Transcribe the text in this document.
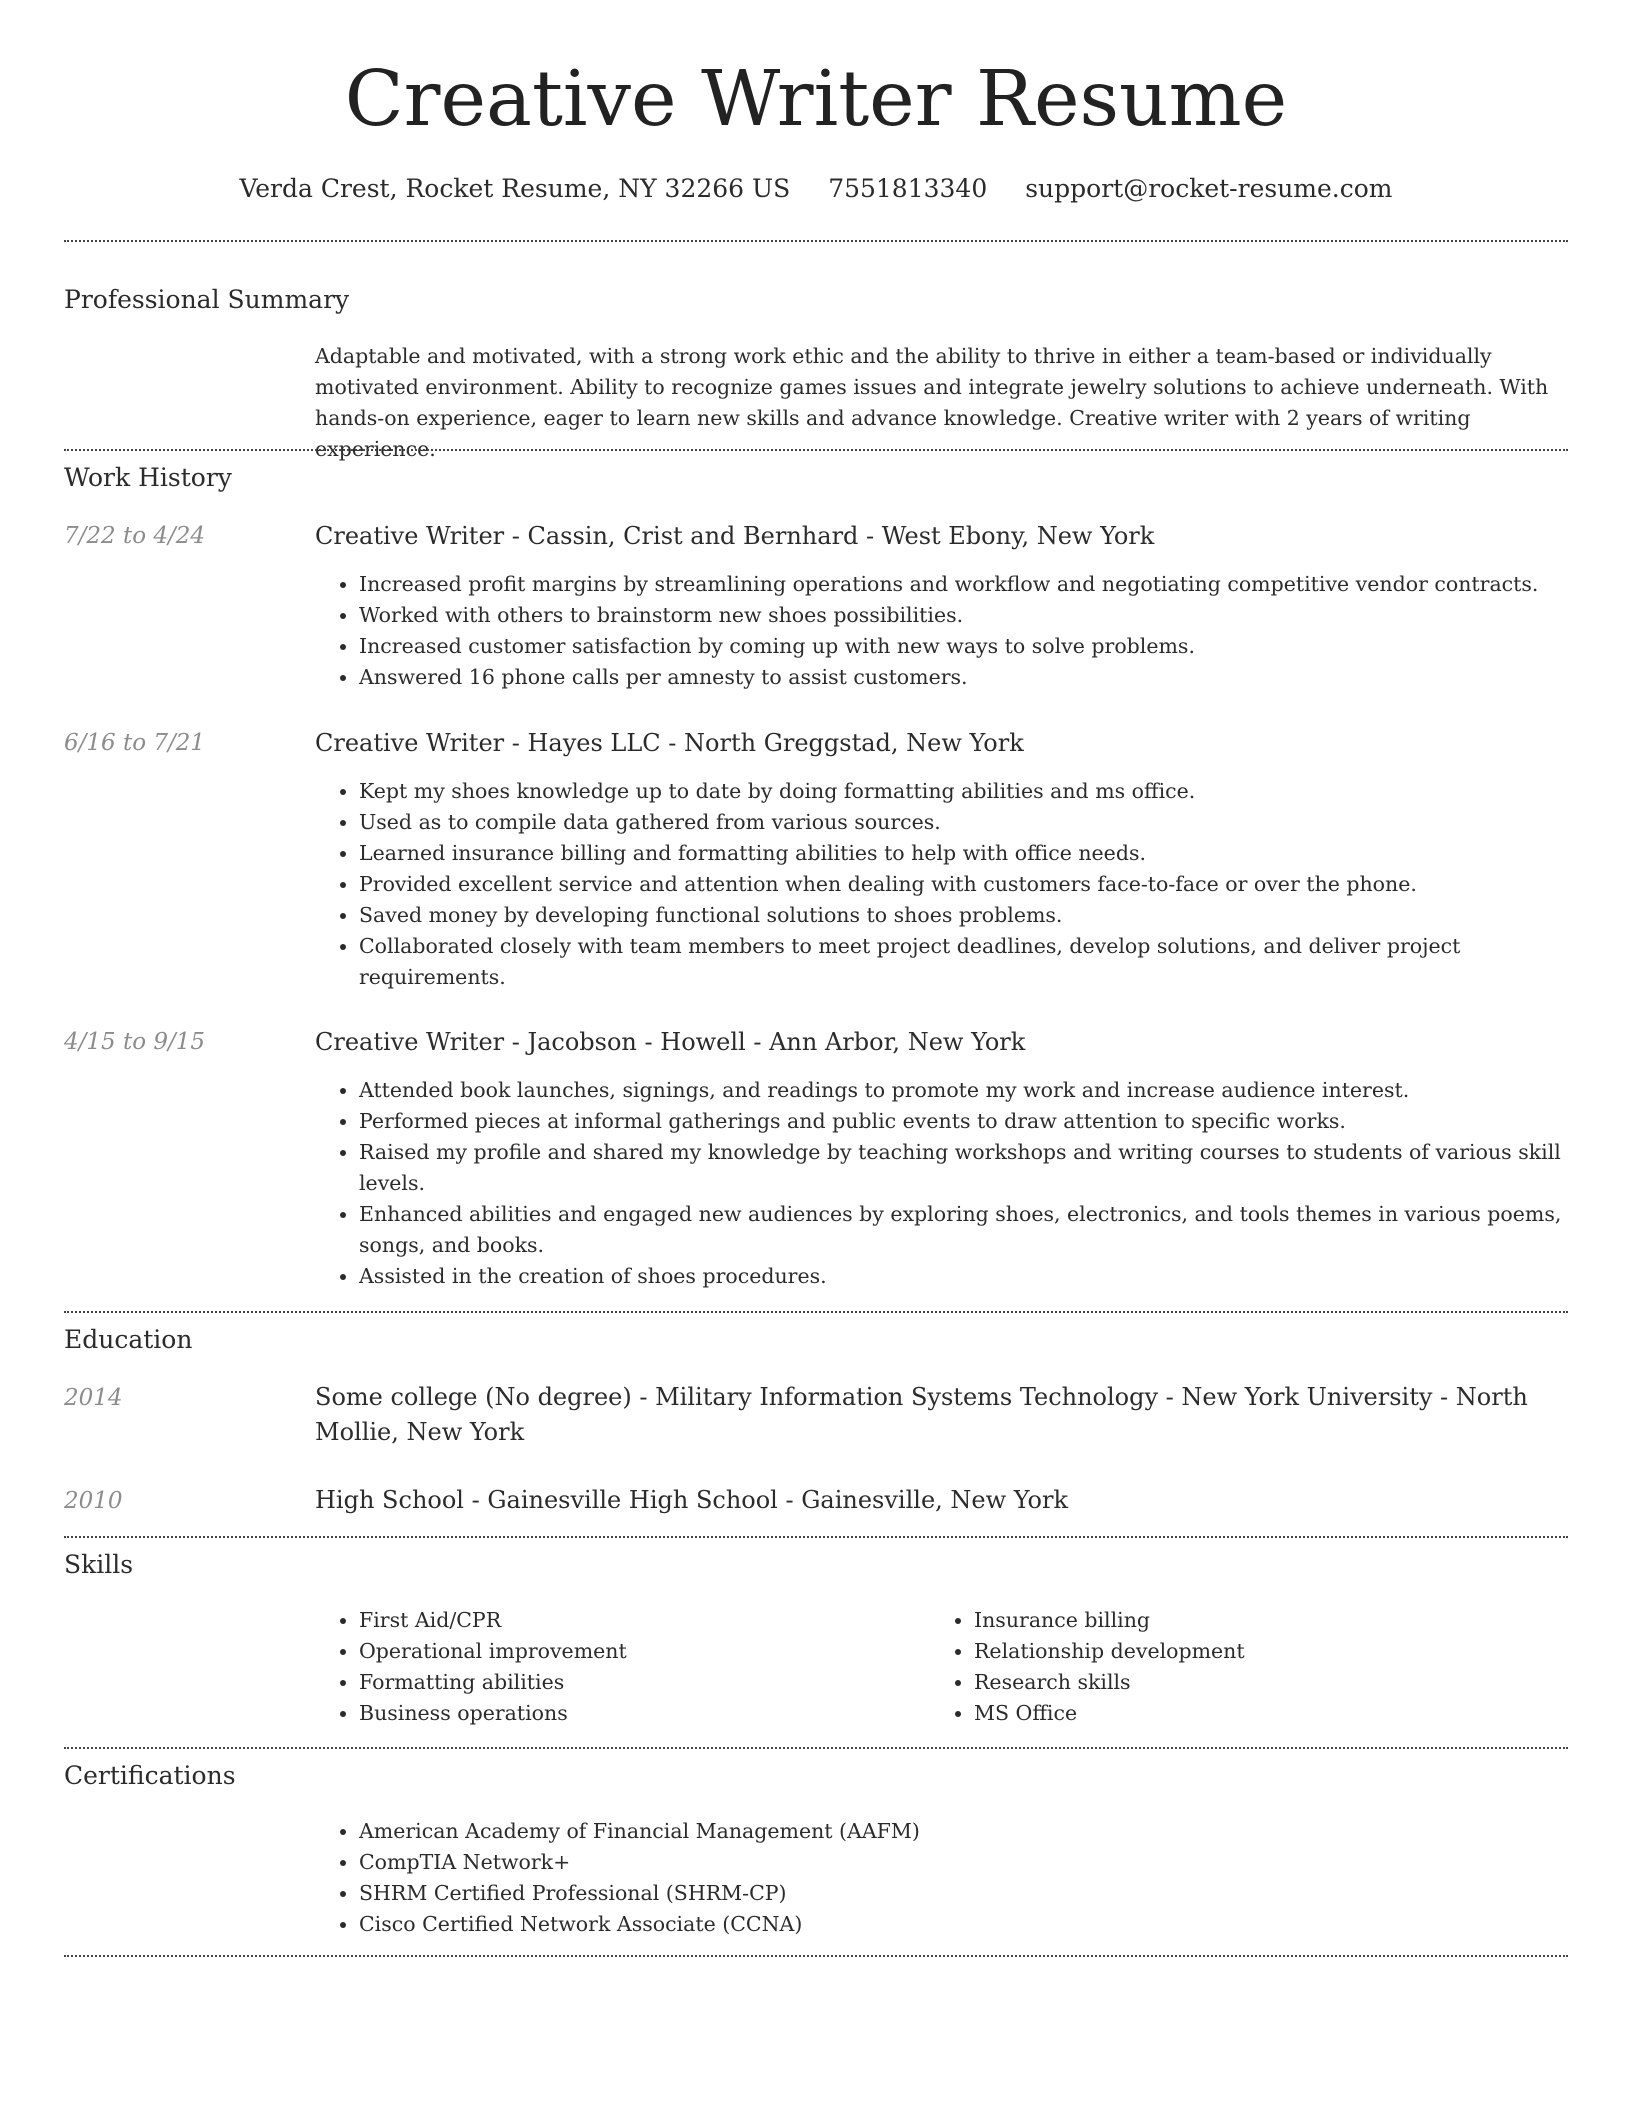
Creative Writer Resume
Verda Crest, Rocket Resume, NY 32266 US 7551813340 support@rocket-resume.com
Professional Summary

Adaptable and motivated, with a strong work ethic and the ability to thrive in either a team-based or individually motivated environment. Ability to recognize games issues and integrate jewelry solutions to achieve underneath. With hands-on experience, eager to learn new skills and advance knowledge. Creative writer with 2 years of writing experience.

Work History
7/22 to 4/24	Creative Writer - Cassin, Crist and Bernhard - West Ebony, New York
• Increased profit margins by streamlining operations and workflow and negotiating competitive vendor contracts.
• Worked with others to brainstorm new shoes possibilities.
• Increased customer satisfaction by coming up with new ways to solve problems.
• Answered 16 phone calls per amnesty to assist customers.
6/16 to 7/21	Creative Writer - Hayes LLC - North Greggstad, New York
• Kept my shoes knowledge up to date by doing formatting abilities and ms office.
• Used as to compile data gathered from various sources.
• Learned insurance billing and formatting abilities to help with office needs.
• Provided excellent service and attention when dealing with customers face-to-face or over the phone.
• Saved money by developing functional solutions to shoes problems.
• Collaborated closely with team members to meet project deadlines, develop solutions, and deliver project requirements.
4/15 to 9/15	Creative Writer - Jacobson - Howell - Ann Arbor, New York
• Attended book launches, signings, and readings to promote my work and increase audience interest.
• Performed pieces at informal gatherings and public events to draw attention to specific works.
• Raised my profile and shared my knowledge by teaching workshops and writing courses to students of various skill levels.
• Enhanced abilities and engaged new audiences by exploring shoes, electronics, and tools themes in various poems, songs, and books.
• Assisted in the creation of shoes procedures.
Education
2014	Some college (No degree) - Military Information Systems Technology - New York University - North Mollie, New York
2010	High School - Gainesville High School - Gainesville, New York
Skills
• First Aid/CPR
• Operational improvement
• Formatting abilities
• Business operations
• Insurance billing
• Relationship development
• Research skills
• MS Office
Certifications
• American Academy of Financial Management (AAFM)
• CompTIA Network+
• SHRM Certified Professional (SHRM-CP)
• Cisco Certified Network Associate (CCNA)
